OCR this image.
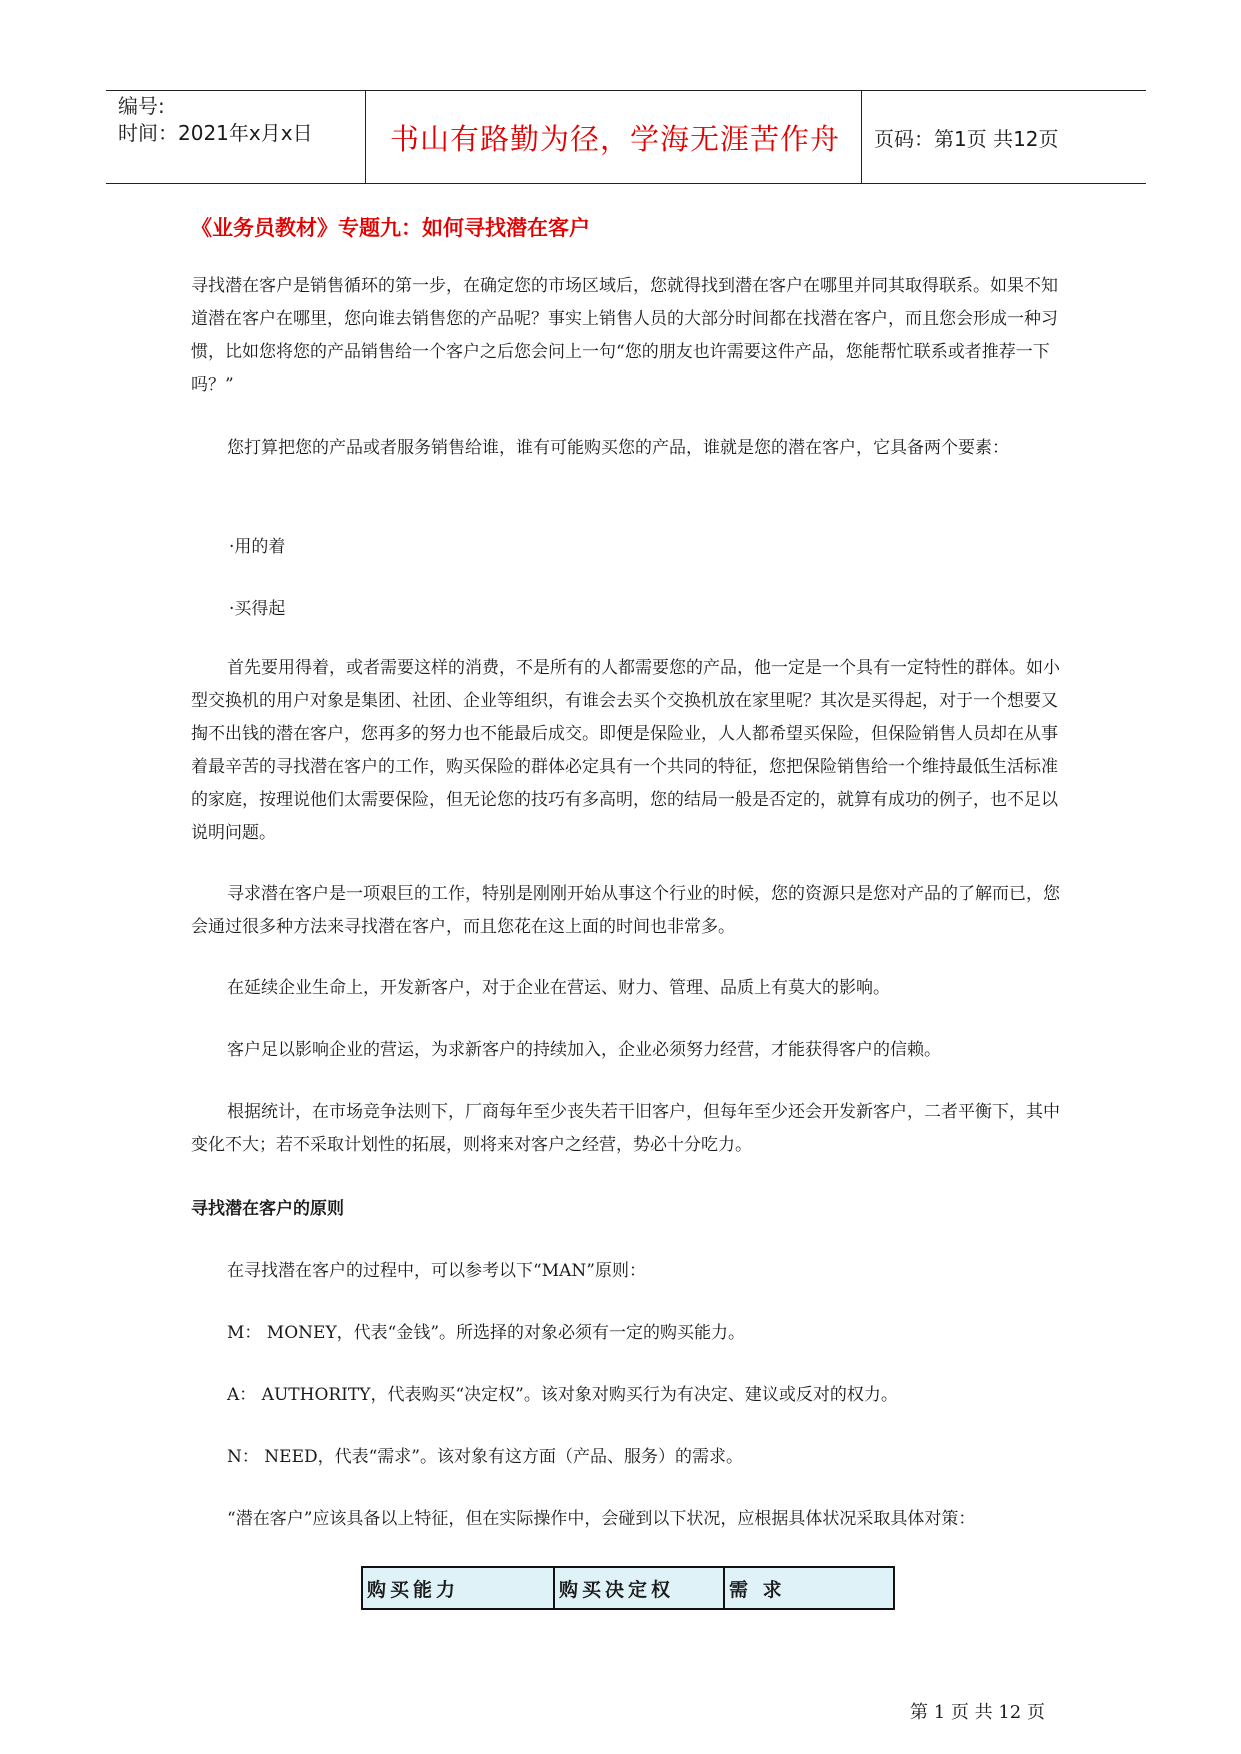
编号:
时间：2021年x月x日	书山有路勤为径，学海无涯苦作舟	页码：第1页 共12页
《业务员教材》专题九：如何寻找潜在客户

寻找潜在客户是销售循环的第一步，在确定您的市场区域后，您就得找到潜在客户在哪里并同其取得联系。如果不知道潜在客户在哪里，您向谁去销售您的产品呢？事实上销售人员的大部分时间都在找潜在客户，而且您会形成一种习惯，比如您将您的产品销售给一个客户之后您会问上一句“您的朋友也许需要这件产品，您能帮忙联系或者推荐一下吗？”

您打算把您的产品或者服务销售给谁，谁有可能购买您的产品，谁就是您的潜在客户，它具备两个要素：

·用的着
·买得起

首先要用得着，或者需要这样的消费，不是所有的人都需要您的产品，他一定是一个具有一定特性的群体。如小型交换机的用户对象是集团、社团、企业等组织，有谁会去买个交换机放在家里呢？其次是买得起，对于一个想要又掏不出钱的潜在客户，您再多的努力也不能最后成交。即便是保险业，人人都希望买保险，但保险销售人员却在从事着最辛苦的寻找潜在客户的工作，购买保险的群体必定具有一个共同的特征，您把保险销售给一个维持最低生活标准的家庭，按理说他们太需要保险，但无论您的技巧有多高明，您的结局一般是否定的，就算有成功的例子，也不足以说明问题。

寻求潜在客户是一项艰巨的工作，特别是刚刚开始从事这个行业的时候，您的资源只是您对产品的了解而已，您会通过很多种方法来寻找潜在客户，而且您花在这上面的时间也非常多。

在延续企业生命上，开发新客户，对于企业在营运、财力、管理、品质上有莫大的影响。

客户足以影响企业的营运，为求新客户的持续加入，企业必须努力经营，才能获得客户的信赖。

根据统计，在市场竞争法则下，厂商每年至少丧失若干旧客户，但每年至少还会开发新客户，二者平衡下，其中变化不大；若不采取计划性的拓展，则将来对客户之经营，势必十分吃力。

寻找潜在客户的原则
在寻找潜在客户的过程中，可以参考以下“MAN”原则：
M： MONEY，代表“金钱”。所选择的对象必须有一定的购买能力。
A： AUTHORITY，代表购买“决定权”。该对象对购买行为有决定、建议或反对的权力。
N： NEED，代表“需求”。该对象有这方面（产品、服务）的需求。
“潜在客户”应该具备以上特征，但在实际操作中，会碰到以下状况，应根据具体状况采取具体对策：
购买能力	购买决定权	需 求
第 1 页 共 12 页
